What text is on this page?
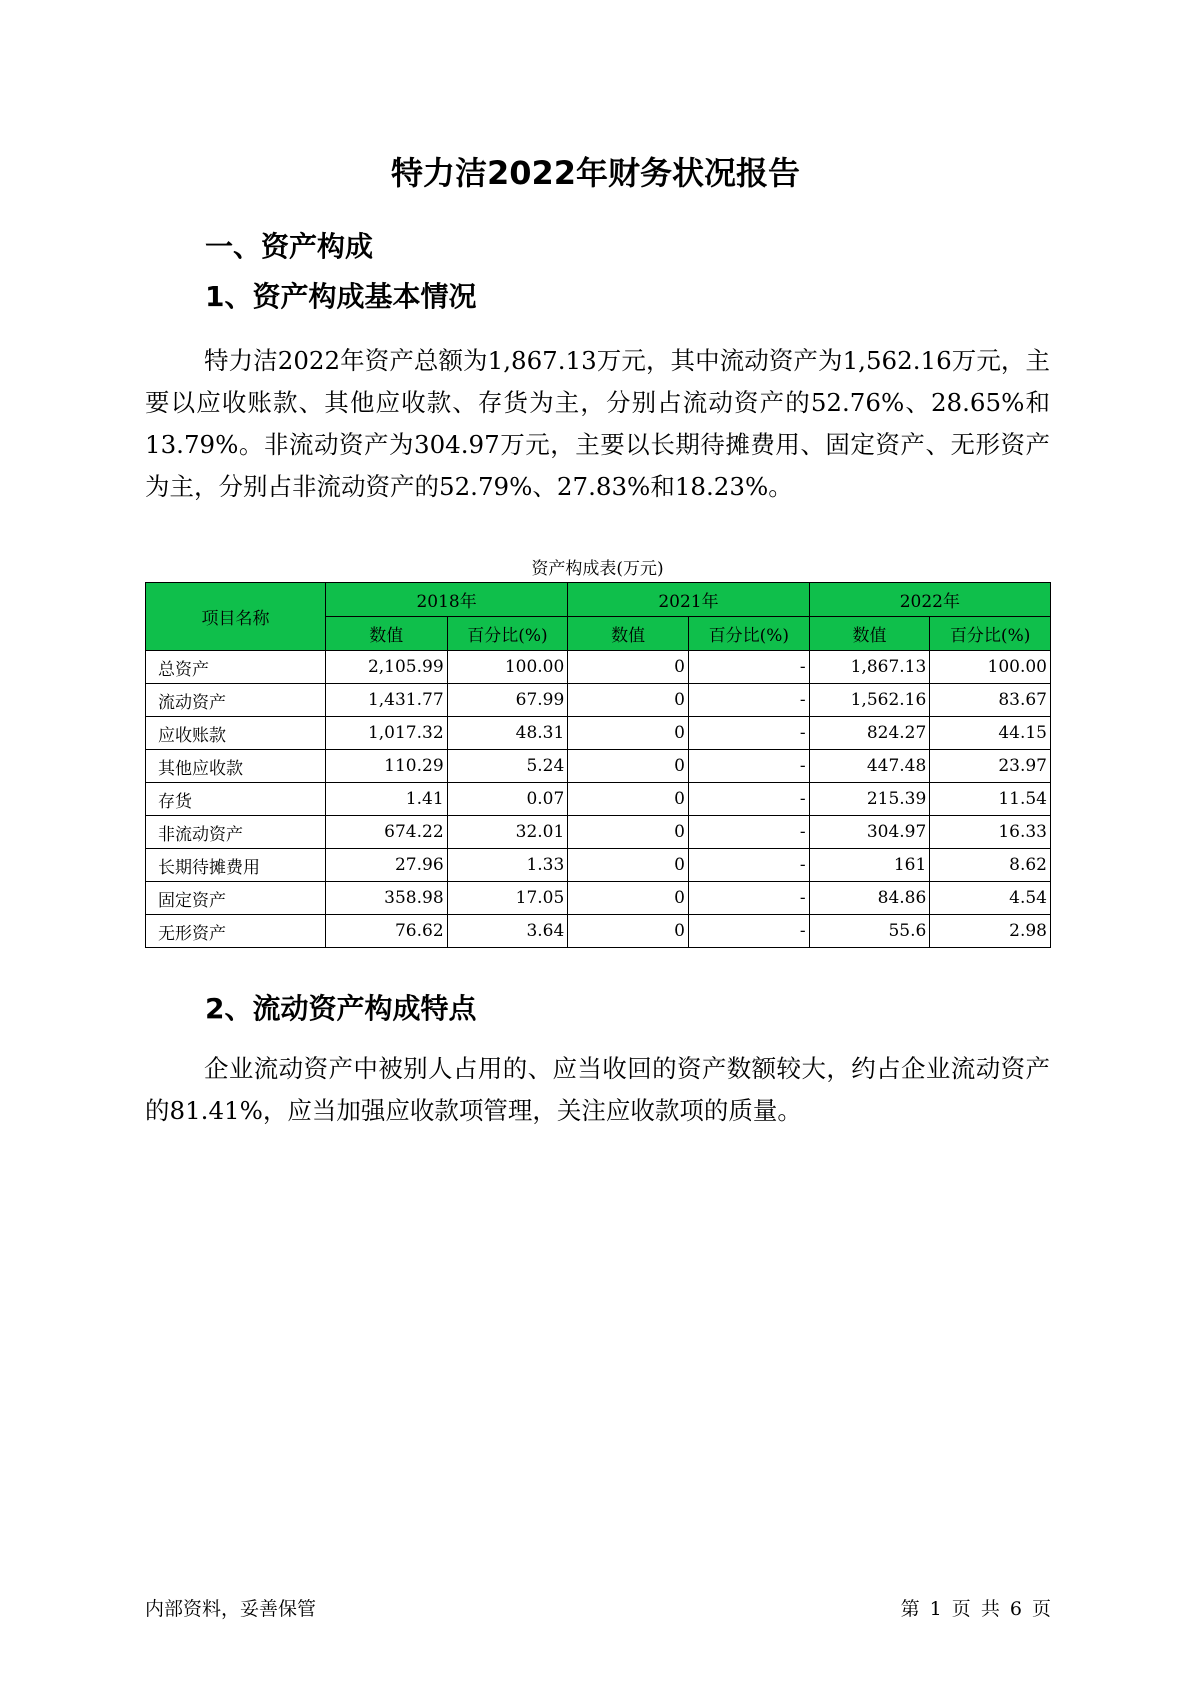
特力洁2022年财务状况报告
一、资产构成
1、资产构成基本情况

特力洁2022年资产总额为1,867.13万元，其中流动资产为1,562.16万元，主要以应收账款、其他应收款、存货为主，分别占流动资产的52.76%、28.65%和13.79%。非流动资产为304.97万元，主要以长期待摊费用、固定资产、无形资产为主，分别占非流动资产的52.79%、27.83%和18.23%。

资产构成表(万元)
项目名称	2018年		2021年		2022年	
	数值	百分比(%)	数值	百分比(%)	数值	百分比(%)
总资产	2,105.99	100.00	0	-	1,867.13	100.00
流动资产	1,431.77	67.99	0	-	1,562.16	83.67
应收账款	1,017.32	48.31	0	-	824.27	44.15
其他应收款	110.29	5.24	0	-	447.48	23.97
存货	1.41	0.07	0	-	215.39	11.54
非流动资产	674.22	32.01	0	-	304.97	16.33
长期待摊费用	27.96	1.33	0	-	161	8.62
固定资产	358.98	17.05	0	-	84.86	4.54
无形资产	76.62	3.64	0	-	55.6	2.98
2、流动资产构成特点

企业流动资产中被别人占用的、应当收回的资产数额较大，约占企业流动资产的81.41%，应当加强应收款项管理，关注应收款项的质量。

内部资料，妥善保管	第 1 页 共 6 页
